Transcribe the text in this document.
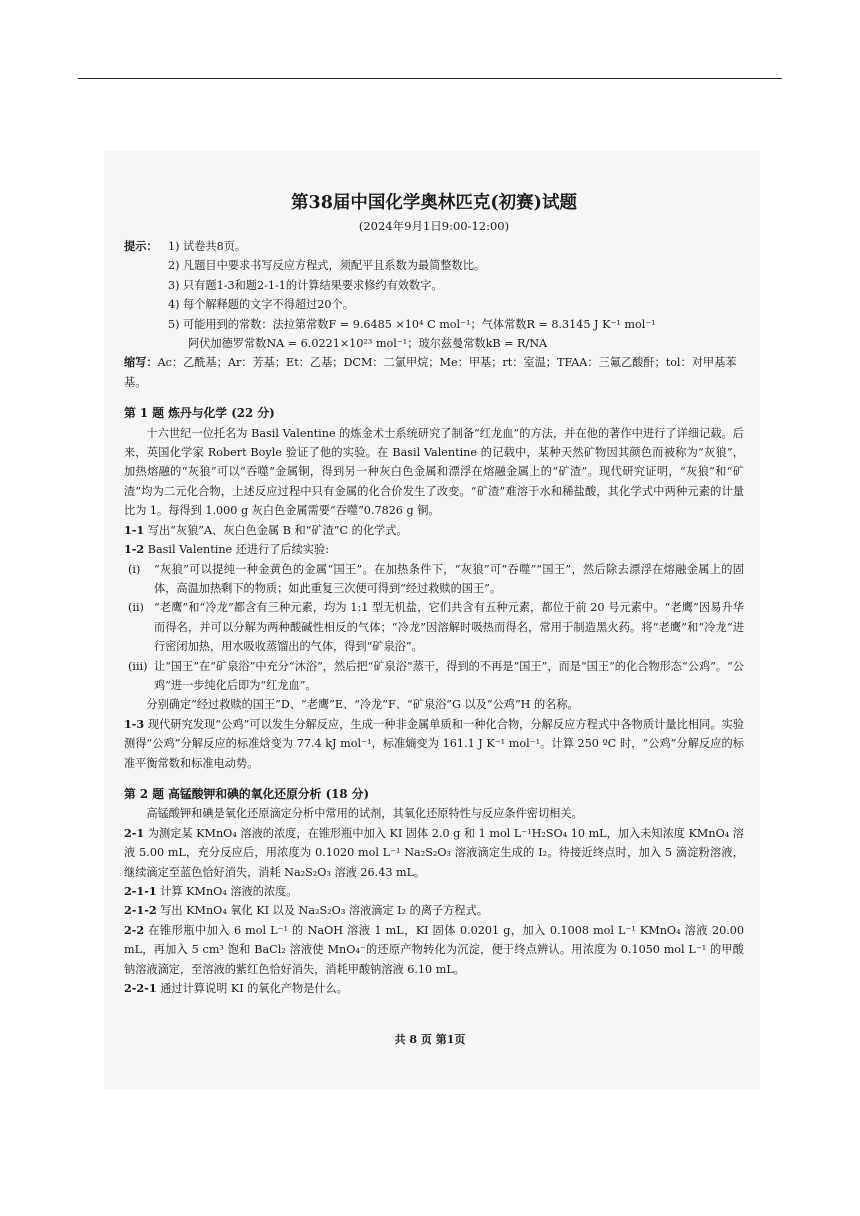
第38届中国化学奥林匹克(初赛)试题

(2024年9月1日9:00-12:00)

提示： 1) 试卷共8页。
2) 凡题目中要求书写反应方程式，须配平且系数为最简整数比。
3) 只有题1-3和题2-1-1的计算结果要求修约有效数字。
4) 每个解释题的文字不得超过20个。
5) 可能用到的常数：法拉第常数F = 9.6485 ×10⁴ C mol⁻¹；气体常数R = 8.3145 J K⁻¹ mol⁻¹
阿伏加德罗常数NA = 6.0221×10²³ mol⁻¹；玻尔兹曼常数kB = R/NA

缩写：Ac：乙酰基；Ar：芳基；Et：乙基；DCM：二氯甲烷；Me：甲基；rt：室温；TFAA：三氟乙酸酐；tol：对甲基苯基。

第 1 题 炼丹与化学 (22 分)

十六世纪一位托名为 Basil Valentine 的炼金术士系统研究了制备“红龙血”的方法，并在他的著作中进行了详细记载。后来，英国化学家 Robert Boyle 验证了他的实验。在 Basil Valentine 的记载中，某种天然矿物因其颜色而被称为“灰狼”，加热熔融的“灰狼”可以“吞噬”金属铜，得到另一种灰白色金属和漂浮在熔融金属上的“矿渣”。现代研究证明，“灰狼”和“矿渣”均为二元化合物，上述反应过程中只有金属的化合价发生了改变。“矿渣”难溶于水和稀盐酸，其化学式中两种元素的计量比为 1。每得到 1.000 g 灰白色金属需要“吞噬”0.7826 g 铜。

1-1 写出“灰狼”A、灰白色金属 B 和“矿渣”C 的化学式。

1-2 Basil Valentine 还进行了后续实验:

(i)	“灰狼”可以提纯一种金黄色的金属“国王”。在加热条件下，“灰狼”可“吞噬”“国王”，然后除去漂浮在熔融金属上的固体，高温加热剩下的物质；如此重复三次便可得到“经过救赎的国王”。
(ii) “老鹰”和“冷龙”都含有三种元素，均为 1:1 型无机盐，它们共含有五种元素，都位于前 20 号元素中。“老鹰”因易升华而得名，并可以分解为两种酸碱性相反的气体；“冷龙”因溶解时吸热而得名，常用于制造黑火药。将“老鹰”和“冷龙”进行密闭加热，用水吸收蒸馏出的气体，得到“矿泉浴”。
(iii) 让“国王”在“矿泉浴”中充分“沐浴”，然后把“矿泉浴”蒸干，得到的不再是“国王”，而是“国王”的化合物形态“公鸡”。“公鸡”进一步纯化后即为“红龙血”。

分别确定“经过救赎的国王”D、“老鹰”E、“冷龙”F、“矿泉浴”G 以及“公鸡”H 的名称。

1-3 现代研究发现“公鸡”可以发生分解反应，生成一种非金属单质和一种化合物，分解反应方程式中各物质计量比相同。实验测得“公鸡”分解反应的标准焓变为 77.4 kJ mol⁻¹，标准熵变为 161.1 J K⁻¹ mol⁻¹。计算 250 ºC 时，“公鸡”分解反应的标准平衡常数和标准电动势。

第 2 题 高锰酸钾和碘的氧化还原分析 (18 分)

高锰酸钾和碘是氧化还原滴定分析中常用的试剂，其氧化还原特性与反应条件密切相关。

2-1 为测定某 KMnO₄ 溶液的浓度，在锥形瓶中加入 KI 固体 2.0 g 和 1 mol L⁻¹H₂SO₄ 10 mL，加入未知浓度 KMnO₄ 溶液 5.00 mL，充分反应后，用浓度为 0.1020 mol L⁻¹ Na₂S₂O₃ 溶液滴定生成的 I₂。待接近终点时，加入 5 滴淀粉溶液，继续滴定至蓝色恰好消失，消耗 Na₂S₂O₃ 溶液 26.43 mL。

2-1-1 计算 KMnO₄ 溶液的浓度。

2-1-2 写出 KMnO₄ 氧化 KI 以及 Na₂S₂O₃ 溶液滴定 I₂ 的离子方程式。

2-2 在锥形瓶中加入 6 mol L⁻¹ 的 NaOH 溶液 1 mL，KI 固体 0.0201 g，加入 0.1008 mol L⁻¹ KMnO₄ 溶液 20.00 mL，再加入 5 cm³ 饱和 BaCl₂ 溶液使 MnO₄⁻的还原产物转化为沉淀，便于终点辨认。用浓度为 0.1050 mol L⁻¹ 的甲酸钠溶液滴定，至溶液的紫红色恰好消失，消耗甲酸钠溶液 6.10 mL。

2-2-1 通过计算说明 KI 的氧化产物是什么。

共 8 页 第1页
